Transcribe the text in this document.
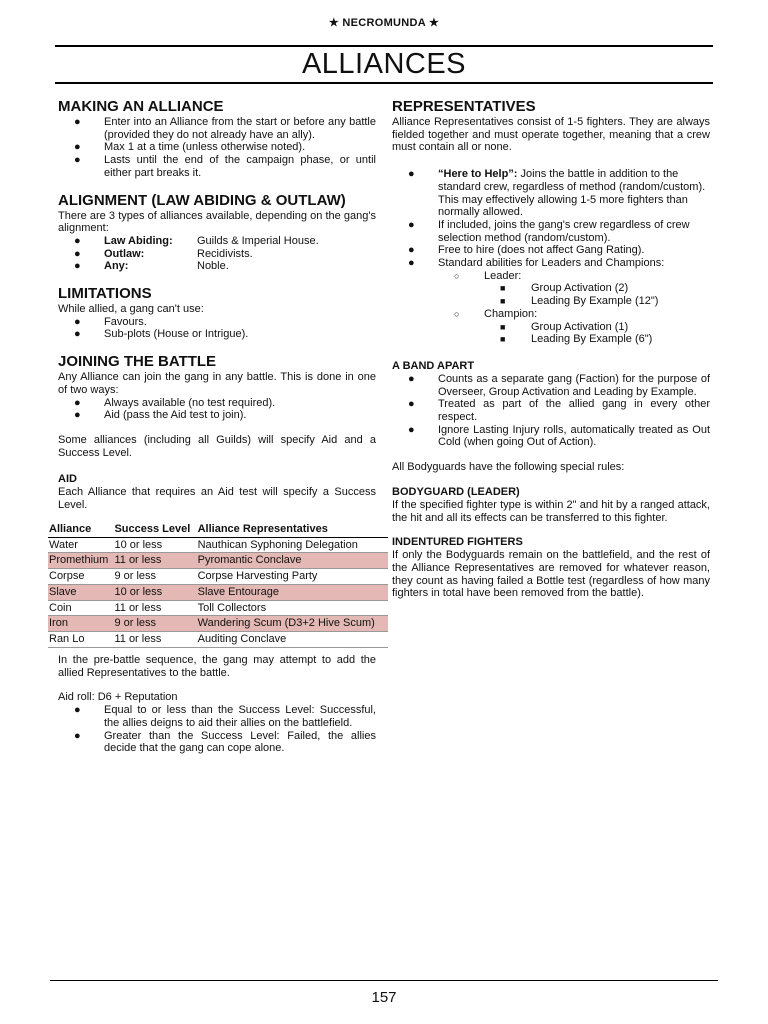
★ NECROMUNDA ★
ALLIANCES
MAKING AN ALLIANCE
● Enter into an Alliance from the start or before any battle (provided they do not already have an ally).
● Max 1 at a time (unless otherwise noted).
● Lasts until the end of the campaign phase, or until either part breaks it.
ALIGNMENT (LAW ABIDING & OUTLAW)

There are 3 types of alliances available, depending on the gang's alignment:

● Law Abiding:	Guilds & Imperial House.
● Outlaw:	Recidivists.
● Any:	Noble.
LIMITATIONS

While allied, a gang can't use:

● Favours.
● Sub-plots (House or Intrigue).
JOINING THE BATTLE

Any Alliance can join the gang in any battle. This is done in one of two ways:

● Always available (no test required).
● Aid (pass the Aid test to join).

Some alliances (including all Guilds) will specify Aid and a Success Level.

AID

Each Alliance that requires an Aid test will specify a Success Level.

Alliance	Success Level	Alliance Representatives
Water	10 or less	Nauthican Syphoning Delegation
Promethium	11 or less	Pyromantic Conclave
Corpse	9 or less	Corpse Harvesting Party
Slave	10 or less	Slave Entourage
Coin	11 or less	Toll Collectors
Iron	9 or less	Wandering Scum (D3+2 Hive Scum)
Ran Lo	11 or less	Auditing Conclave

In the pre-battle sequence, the gang may attempt to add the allied Representatives to the battle.

Aid roll: D6 + Reputation

● Equal to or less than the Success Level: Successful, the allies deigns to aid their allies on the battlefield.
● Greater than the Success Level: Failed, the allies decide that the gang can cope alone.
REPRESENTATIVES

Alliance Representatives consist of 1-5 fighters. They are always fielded together and must operate together, meaning that a crew must contain all or none.

● “Here to Help”: Joins the battle in addition to the standard crew, regardless of method (random/custom). This may effectively allowing 1-5 more fighters than normally allowed.
● If included, joins the gang's crew regardless of crew selection method (random/custom).
● Free to hire (does not affect Gang Rating).
● Standard abilities for Leaders and Champions:
○ Leader:
■ Group Activation (2)
■ Leading By Example (12")
○ Champion:
■ Group Activation (1)
■ Leading By Example (6")
A BAND APART
● Counts as a separate gang (Faction) for the purpose of Overseer, Group Activation and Leading by Example.
● Treated as part of the allied gang in every other respect.
● Ignore Lasting Injury rolls, automatically treated as Out Cold (when going Out of Action).

All Bodyguards have the following special rules:

BODYGUARD (LEADER)

If the specified fighter type is within 2" and hit by a ranged attack, the hit and all its effects can be transferred to this fighter.

INDENTURED FIGHTERS

If only the Bodyguards remain on the battlefield, and the rest of the Alliance Representatives are removed for whatever reason, they count as having failed a Bottle test (regardless of how many fighters in total have been removed from the battle).

157
